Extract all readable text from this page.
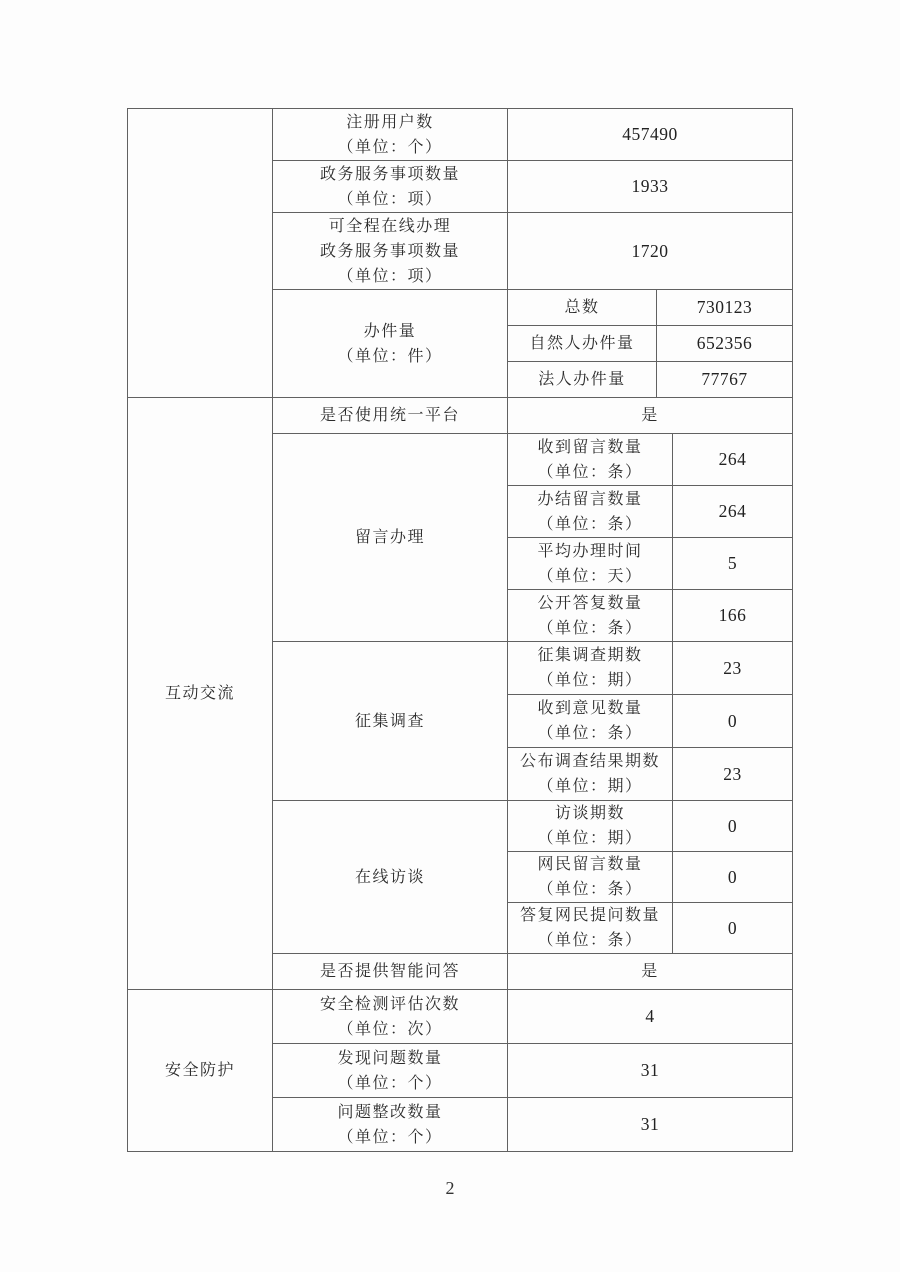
	注册用户数
（单位：个）	457490		

	政务服务事项数量
（单位：项）	1933		

	可全程在线办理
政务服务事项数量
（单位：项）	1720		

	办件量
（单位：件）	总数	730123	

		自然人办件量	652356	

		法人办件量	77767	

互动交流	是否使用统一平台	是		

	留言办理	收到留言数量
（单位：条）		264

		办结留言数量
（单位：条）		264

		平均办理时间
（单位：天）		5

		公开答复数量
（单位：条）		166

	征集调查	征集调查期数
（单位：期）		23

		收到意见数量
（单位：条）		0

		公布调查结果期数
（单位：期）		23

	在线访谈	访谈期数
（单位：期）		0

		网民留言数量
（单位：条）		0

		答复网民提问数量
（单位：条）		0

	是否提供智能问答	是		

安全防护	安全检测评估次数
（单位：次）	4		

	发现问题数量
（单位：个）	31		

	问题整改数量
（单位：个）	31		
2
